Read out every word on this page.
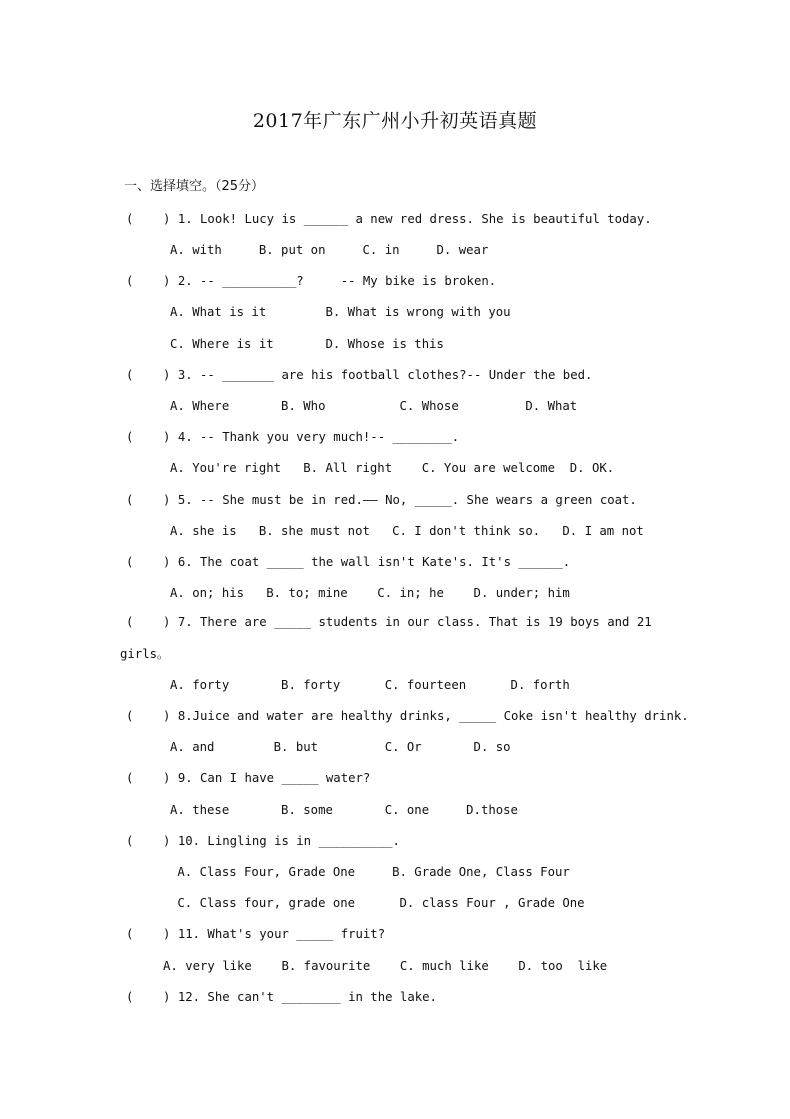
2017年广东广州小升初英语真题
一、选择填空。（25分）
(    ) 1. Look! Lucy is ______ a new red dress. She is beautiful today.
A. with     B. put on     C. in     D. wear
(    ) 2. -- __________?     -- My bike is broken.
A. What is it        B. What is wrong with you
C. Where is it       D. Whose is this
(    ) 3. -- _______ are his football clothes?-- Under the bed.
A. Where       B. Who          C. Whose         D. What
(    ) 4. -- Thank you very much!-- ________.
A. You're right   B. All right    C. You are welcome  D. OK.
(    ) 5. -- She must be in red.—— No, _____. She wears a green coat.
A. she is   B. she must not   C. I don't think so.   D. I am not
(    ) 6. The coat _____ the wall isn't Kate's. It's ______.
A. on; his   B. to; mine    C. in; he    D. under; him
(    ) 7. There are _____ students in our class. That is 19 boys and 21
girls。
A. forty       B. forty      C. fourteen      D. forth
(    ) 8.Juice and water are healthy drinks, _____ Coke isn't healthy drink.
A. and        B. but         C. Or       D. so
(    ) 9. Can I have _____ water?
A. these       B. some       C. one     D.those
(    ) 10. Lingling is in __________.
A. Class Four, Grade One     B. Grade One, Class Four
C. Class four, grade one      D. class Four , Grade One
(    ) 11. What's your _____ fruit?
A. very like    B. favourite    C. much like    D. too  like
(    ) 12. She can't ________ in the lake.
